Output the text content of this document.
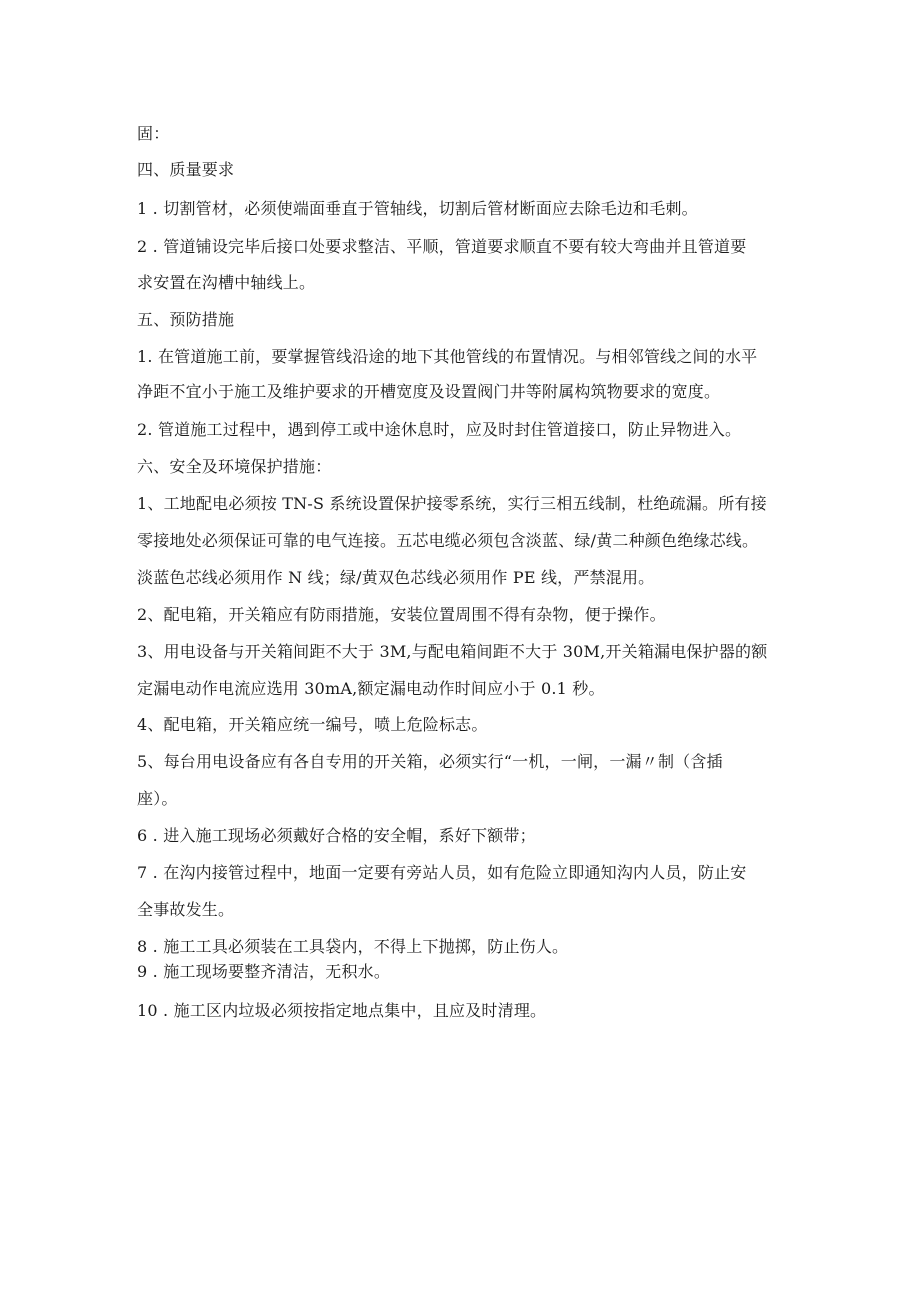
固：
四、质量要求
1 . 切割管材，必须使端面垂直于管轴线，切割后管材断面应去除毛边和毛刺。
2 . 管道铺设完毕后接口处要求整洁、平顺，管道要求顺直不要有较大弯曲并且管道要
求安置在沟槽中轴线上。
五、预防措施
1. 在管道施工前，要掌握管线沿途的地下其他管线的布置情况。与相邻管线之间的水平
净距不宜小于施工及维护要求的开槽宽度及设置阀门井等附属构筑物要求的宽度。
2. 管道施工过程中，遇到停工或中途休息时，应及时封住管道接口，防止异物进入。
六、安全及环境保护措施：
1、工地配电必须按 TN-S 系统设置保护接零系统，实行三相五线制，杜绝疏漏。所有接
零接地处必须保证可靠的电气连接。五芯电缆必须包含淡蓝、绿/黄二种颜色绝缘芯线。
淡蓝色芯线必须用作 N 线；绿/黄双色芯线必须用作 PE 线，严禁混用。
2、配电箱，开关箱应有防雨措施，安装位置周围不得有杂物，便于操作。
3、用电设备与开关箱间距不大于 3M,与配电箱间距不大于 30M,开关箱漏电保护器的额
定漏电动作电流应选用 30mA,额定漏电动作时间应小于 0.1 秒。
4、配电箱，开关箱应统一编号，喷上危险标志。
5、每台用电设备应有各自专用的开关箱，必须实行“一机，一闸，一漏〃制（含插
座）。
6 . 进入施工现场必须戴好合格的安全帽，系好下额带；
7 . 在沟内接管过程中，地面一定要有旁站人员，如有危险立即通知沟内人员，防止安
全事故发生。
8 . 施工工具必须装在工具袋内，不得上下抛掷，防止伤人。
9 . 施工现场要整齐清洁，无积水。
10 . 施工区内垃圾必须按指定地点集中，且应及时清理。
